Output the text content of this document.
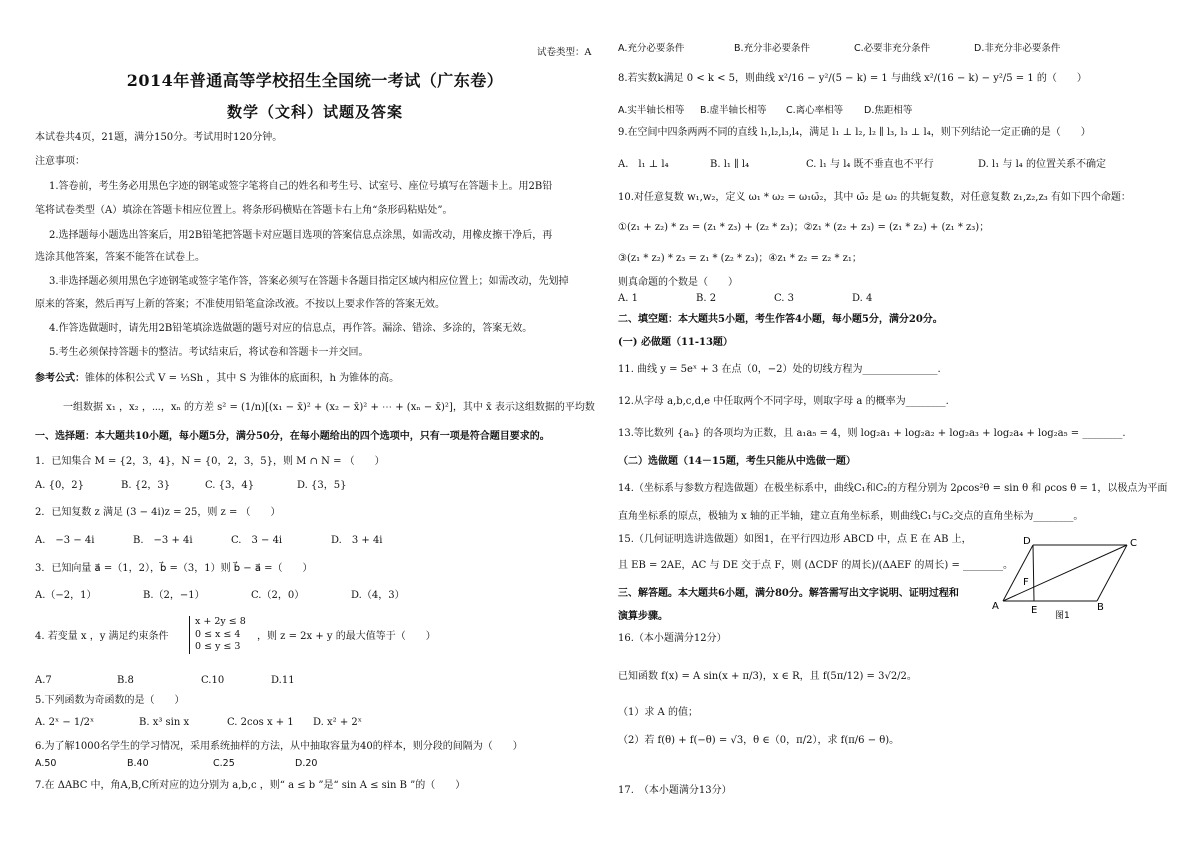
试卷类型：A
2014年普通高等学校招生全国统一考试（广东卷）
数学（文科）试题及答案
本试卷共4页，21题，满分150分。考试用时120分钟。
注意事项：
1.答卷前，考生务必用黑色字迹的钢笔或签字笔将自己的姓名和考生号、试室号、座位号填写在答题卡上。用2B铅
笔将试卷类型（A）填涂在答题卡相应位置上。将条形码横贴在答题卡右上角“条形码粘贴处”。
2.选择题每小题选出答案后，用2B铅笔把答题卡对应题目选项的答案信息点涂黑，如需改动，用橡皮擦干净后，再
选涂其他答案，答案不能答在试卷上。
3.非选择题必须用黑色字迹钢笔或签字笔作答，答案必须写在答题卡各题目指定区域内相应位置上；如需改动，先划掉
原来的答案，然后再写上新的答案；不准使用铅笔盒涂改液。不按以上要求作答的答案无效。
4.作答选做题时，请先用2B铅笔填涂选做题的题号对应的信息点，再作答。漏涂、错涂、多涂的，答案无效。
5.考生必须保持答题卡的整洁。考试结束后，将试卷和答题卡一并交回。
参考公式：锥体的体积公式 V = ⅓Sh ，其中 S 为锥体的底面积，h 为锥体的高。
一组数据 x₁ ，x₂ ，⋯，xₙ 的方差 s² = (1/n)[(x₁ − x̄)² + (x₂ − x̄)² + ⋯ + (xₙ − x̄)²]，其中 x̄ 表示这组数据的平均数
一、选择题：本大题共10小题，每小题5分，满分50分，在每小题给出的四个选项中，只有一项是符合题目要求的。
1．已知集合 M = {2，3，4}，N = {0，2，3，5}，则 M ∩ N = （　　）
A. {0，2}	B. {2，3}	C. {3，4}	D. {3，5}
2．已知复数 z 满足 (3 − 4i)z = 25，则 z = （　　）
A.　−3 − 4i	B.　−3 + 4i	C.　3 − 4i	D.　3 + 4i
3．已知向量 a⃗ =（1，2），b⃗ =（3，1）则 b⃗ − a⃗ =（　　）
A.（−2，1）	B.（2，−1）	C.（2，0）	D.（4，3）
4. 若变量 x ，y 满足约束条件
x + 2y ≤ 8
0 ≤ x ≤ 4
0 ≤ y ≤ 3
，则 z = 2x + y 的最大值等于（　　）
A.7	B.8	C.10	D.11
5.下列函数为奇函数的是（　　）
A. 2ˣ − 1/2ˣ	B. x³ sin x	C. 2cos x + 1 D. x² + 2ˣ
6.为了解1000名学生的学习情况，采用系统抽样的方法，从中抽取容量为40的样本，则分段的间隔为（　　）
A.50	B.40	C.25	D.20
7.在 ΔABC 中，角A,B,C所对应的边分别为 a,b,c ，则“ a ≤ b ”是“ sin A ≤ sin B ”的（　　）
A.充分必要条件	B.充分非必要条件	C.必要非充分条件	D.非充分非必要条件
8.若实数k满足 0 < k < 5，则曲线 x²/16 − y²/(5 − k) = 1 与曲线 x²/(16 − k) − y²/5 = 1 的（　　）
A.实半轴长相等 B.虚半轴长相等 C.离心率相等 D.焦距相等
9.在空间中四条两两不同的直线 l₁,l₂,l₃,l₄，满足 l₁ ⊥ l₂, l₂ ∥ l₃, l₃ ⊥ l₄，则下列结论一定正确的是（　　）
A.　l₁ ⊥ l₄	B. l₁ ∥ l₄	C. l₁ 与 l₄ 既不垂直也不平行	D. l₁ 与 l₄ 的位置关系不确定
10.对任意复数 w₁,w₂，定义 ω₁ * ω₂ = ω₁ω̄₂，其中 ω̄₂ 是 ω₂ 的共轭复数，对任意复数 z₁,z₂,z₃ 有如下四个命题：
①(z₁ + z₂) * z₃ = (z₁ * z₃) + (z₂ * z₃)；②z₁ * (z₂ + z₃) = (z₁ * z₂) + (z₁ * z₃)；
③(z₁ * z₂) * z₃ = z₁ * (z₂ * z₃)；④z₁ * z₂ = z₂ * z₁；
则真命题的个数是（　　）
A. 1	B. 2	C. 3	D. 4
二、填空题：本大题共5小题，考生作答4小题，每小题5分，满分20分。
(一) 必做题（11-13题）
11. 曲线 y = 5eˣ + 3 在点（0，−2）处的切线方程为_______________.
12.从字母 a,b,c,d,e 中任取两个不同字母，则取字母 a 的概率为________.
13.等比数列 {aₙ} 的各项均为正数，且 a₁a₅ = 4，则 log₂a₁ + log₂a₂ + log₂a₃ + log₂a₄ + log₂a₅ = ________.
（二）选做题（14－15题，考生只能从中选做一题）
14.（坐标系与参数方程选做题）在极坐标系中，曲线C₁和C₂的方程分别为 2ρcos²θ = sin θ 和 ρcos θ = 1，以极点为平面
直角坐标系的原点，极轴为 x 轴的正半轴，建立直角坐标系，则曲线C₁与C₂交点的直角坐标为________。
15.（几何证明选讲选做题）如图1，在平行四边形 ABCD 中，点 E 在 AB 上，
且 EB = 2AE，AC 与 DE 交于点 F，则 (ΔCDF 的周长)/(ΔAEF 的周长) = ________。
三、解答题。本大题共6小题，满分80分。解答需写出文字说明、证明过程和
演算步骤。
16.（本小题满分12分）
已知函数 f(x) = A sin(x + π/3)，x ∈ R，且 f(5π/12) = 3√2/2。
（1）求 A 的值；
（2）若 f(θ) + f(−θ) = √3，θ ∈（0，π/2），求 f(π/6 − θ)。
17.　（本小题满分13分）
A	B
C
D
E
F
图1
